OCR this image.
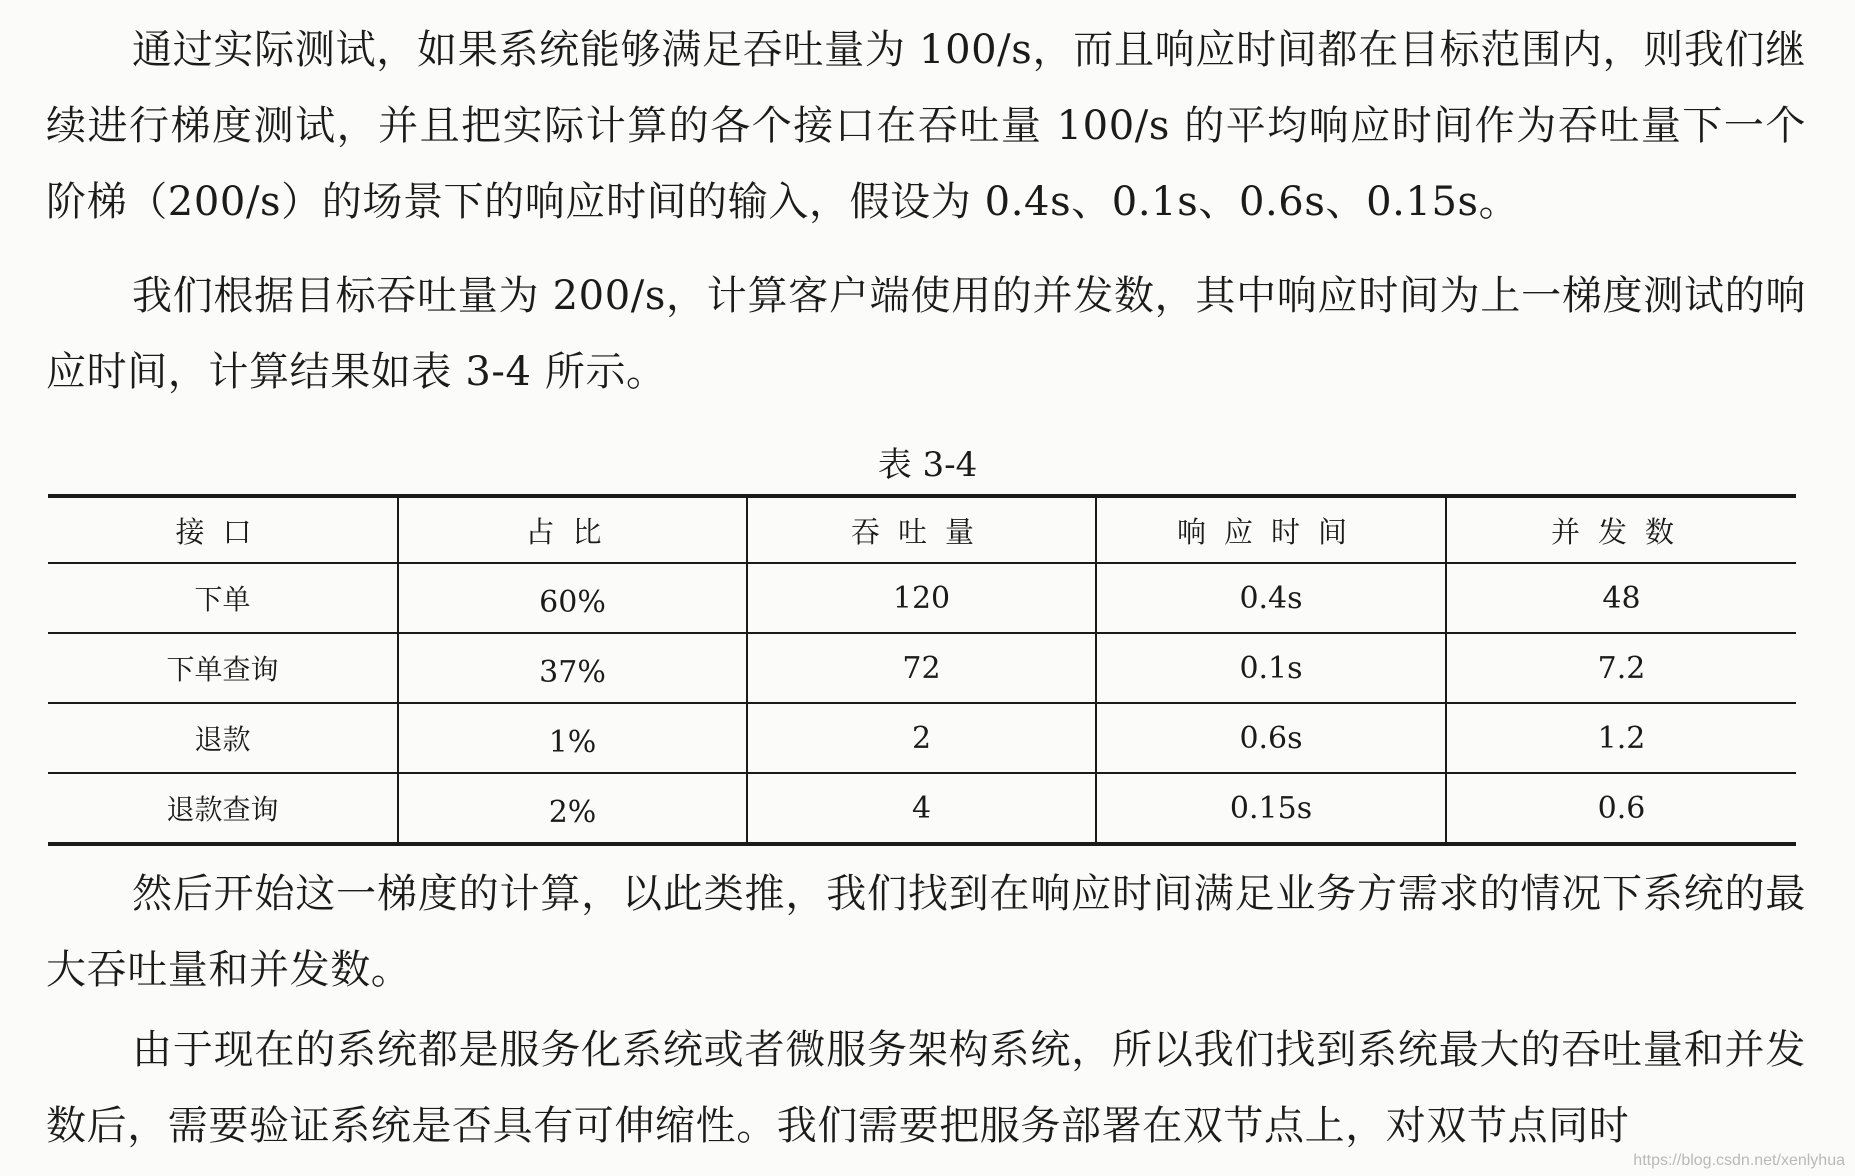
通过实际测试，如果系统能够满足吞吐量为 100/s，而且响应时间都在目标范围内，则我们继续进行梯度测试，并且把实际计算的各个接口在吞吐量 100/s 的平均响应时间作为吞吐量下一个阶梯（200/s）的场景下的响应时间的输入，假设为 0.4s、0.1s、0.6s、0.15s。

我们根据目标吞吐量为 200/s，计算客户端使用的并发数，其中响应时间为上一梯度测试的响应时间，计算结果如表 3-4 所示。

表 3-4
接口	占比	吞吐量	响应时间	并发数
下单	60%	120	0.4s	48
下单查询	37%	72	0.1s	7.2
退款	1%	2	0.6s	1.2
退款查询	2%	4	0.15s	0.6

然后开始这一梯度的计算，以此类推，我们找到在响应时间满足业务方需求的情况下系统的最大吞吐量和并发数。

由于现在的系统都是服务化系统或者微服务架构系统，所以我们找到系统最大的吞吐量和并发数后，需要验证系统是否具有可伸缩性。我们需要把服务部署在双节点上，对双节点同时

https://blog.csdn.net/xenlyhua
